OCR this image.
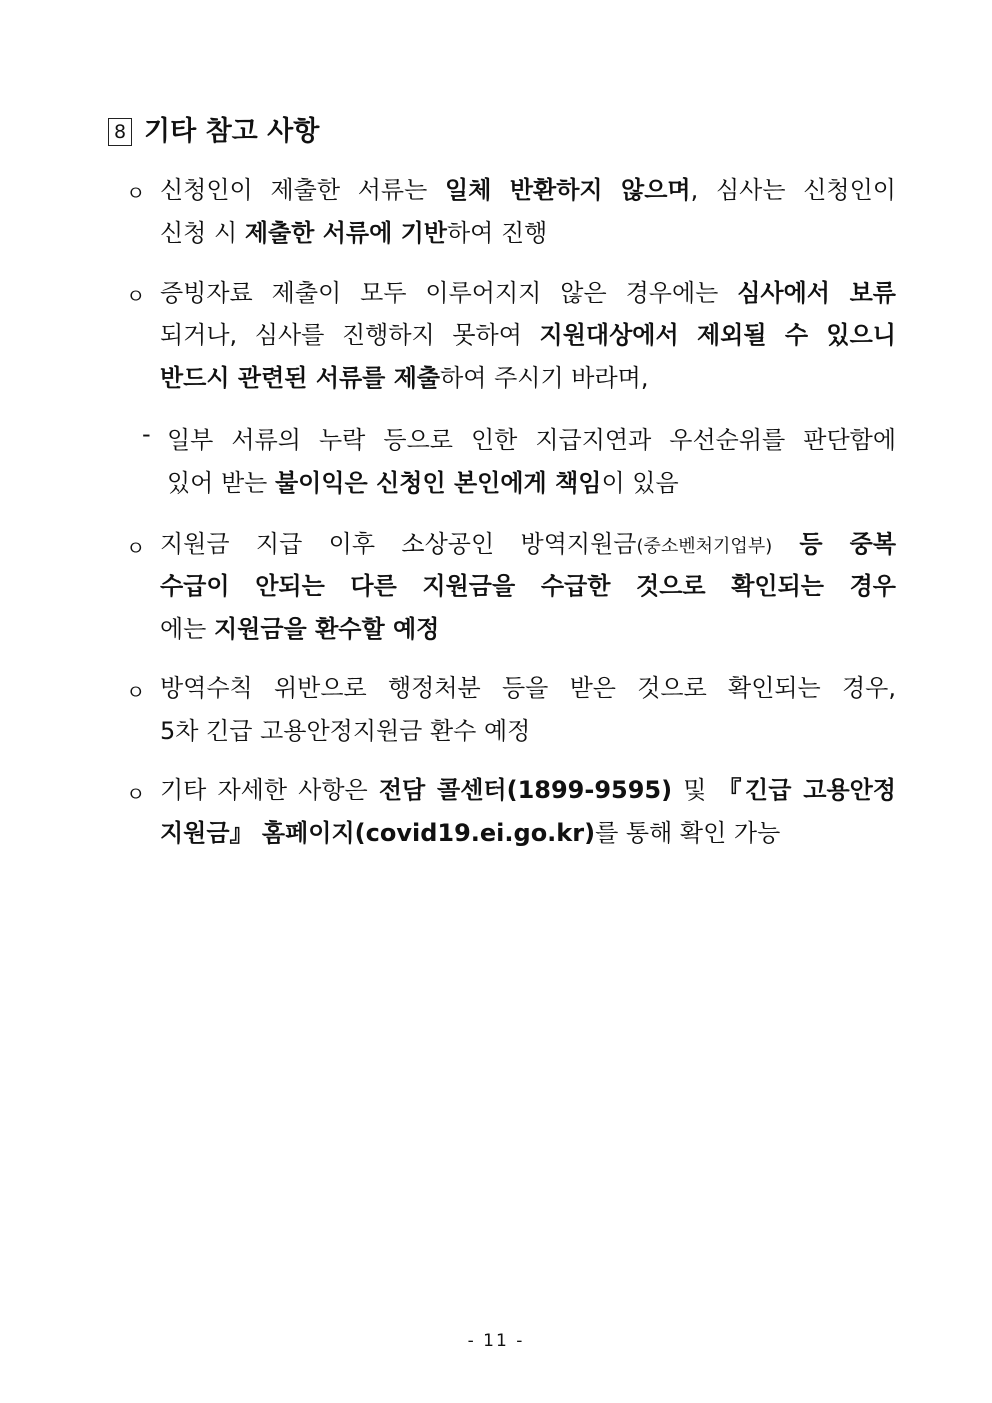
8 기타 참고 사항
ㅇ 신청인이 제출한 서류는 일체 반환하지 않으며, 심사는 신청인이
신청 시 제출한 서류에 기반하여 진행
ㅇ 증빙자료 제출이 모두 이루어지지 않은 경우에는 심사에서 보류
되거나, 심사를 진행하지 못하여 지원대상에서 제외될 수 있으니
반드시 관련된 서류를 제출하여 주시기 바라며,
- 일부 서류의 누락 등으로 인한 지급지연과 우선순위를 판단함에
있어 받는 불이익은 신청인 본인에게 책임이 있음
ㅇ 지원금 지급 이후 소상공인 방역지원금(중소벤처기업부) 등 중복
수급이 안되는 다른 지원금을 수급한 것으로 확인되는 경우
에는 지원금을 환수할 예정
ㅇ 방역수칙 위반으로 행정처분 등을 받은 것으로 확인되는 경우,
5차 긴급 고용안정지원금 환수 예정
ㅇ 기타 자세한 사항은 전담 콜센터(1899-9595) 및 『긴급 고용안정
지원금』 홈페이지(covid19.ei.go.kr)를 통해 확인 가능
- 11 -
